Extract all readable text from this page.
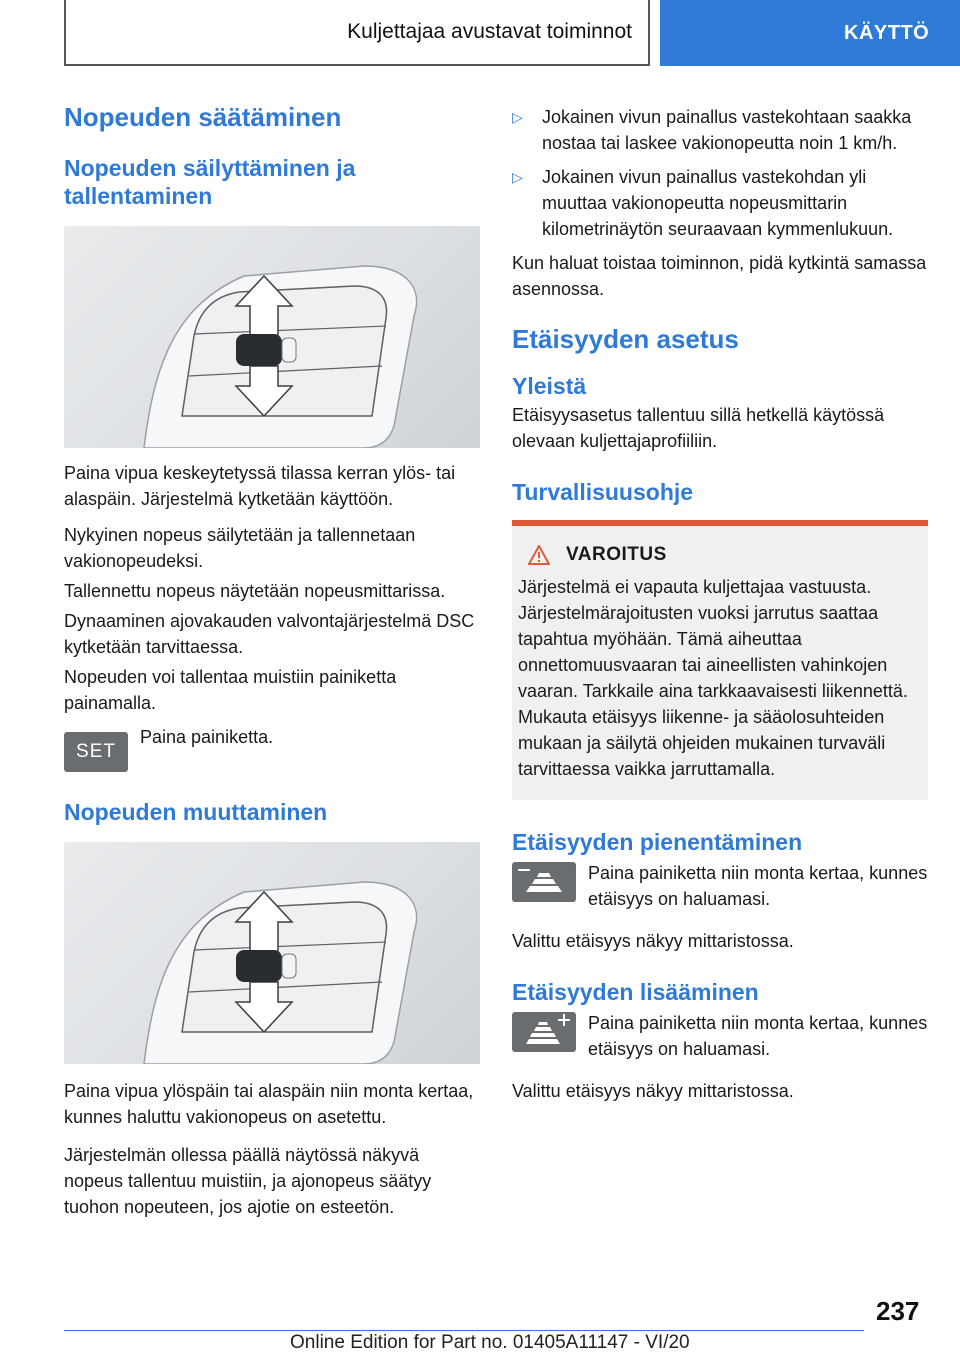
Kuljettajaa avustavat toiminnot	KÄYTTÖ
Nopeuden säätäminen
Nopeuden säilyttäminen ja tallentaminen

Paina vipua keskeytetyssä tilassa kerran ylös- tai alaspäin. Järjestelmä kytketään käyttöön.

Nykyinen nopeus säilytetään ja tallennetaan vakionopeudeksi.

Tallennettu nopeus näytetään nopeusmittarissa.

Dynaaminen ajovakauden valvontajärjestelmä DSC kytketään tarvittaessa.

Nopeuden voi tallentaa muistiin painiketta painamalla.

SET

Paina painiketta.

Nopeuden muuttaminen

Paina vipua ylöspäin tai alaspäin niin monta kertaa, kunnes haluttu vakionopeus on asetettu.

Järjestelmän ollessa päällä näytössä näkyvä nopeus tallentuu muistiin, ja ajonopeus säätyy tuohon nopeuteen, jos ajotie on esteetön.

▷	Jokainen vivun painallus vastekohtaan saakka nostaa tai laskee vakionopeutta noin 1 km/h.

▷	Jokainen vivun painallus vastekohdan yli muuttaa vakionopeutta nopeusmittarin kilometrinäytön seuraavaan kymmenlukuun.

Kun haluat toistaa toiminnon, pidä kytkintä samassa asennossa.

Etäisyyden asetus
Yleistä

Etäisyysasetus tallentuu sillä hetkellä käytössä olevaan kuljettajaprofiiliin.

Turvallisuusohje
VAROITUS

Järjestelmä ei vapauta kuljettajaa vastuusta. Järjestelmärajoitusten vuoksi jarrutus saattaa tapahtua myöhään. Tämä aiheuttaa onnettomuusvaaran tai aineellisten vahinkojen vaaran. Tarkkaile aina tarkkaavaisesti liikennettä. Mukauta etäisyys liikenne- ja sääolosuhteiden mukaan ja säilytä ohjeiden mukainen turvaväli tarvittaessa vaikka jarruttamalla.

Etäisyyden pienentäminen

Paina painiketta niin monta kertaa, kunnes etäisyys on haluamasi.

Valittu etäisyys näkyy mittaristossa.

Etäisyyden lisääminen

Paina painiketta niin monta kertaa, kunnes etäisyys on haluamasi.

Valittu etäisyys näkyy mittaristossa.

237
Online Edition for Part no. 01405A11147 - VI/20
